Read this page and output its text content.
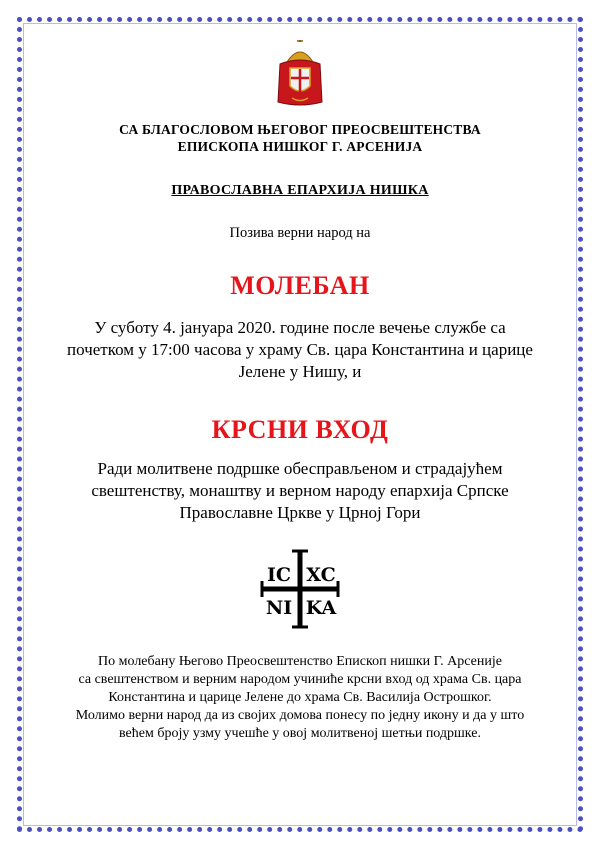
СА БЛАГОСЛОВОМ ЊЕГОВОГ ПРЕОСВЕШТЕНСТВА
ЕПИСКОПА НИШКОГ Г. АРСЕНИЈА
ПРАВОСЛАВНА ЕПАРХИЈА НИШКА
Позива верни народ на
МОЛЕБАН
У суботу 4. јануара 2020. године после вечење службе са
почетком у 17:00 часова у храму Св. цара Константина и царице
Јелене у Нишу, и
КРСНИ ВХОД
Ради молитвене подршке обесправљеном и страдајућем
свештенству, монаштву и верном народу епархија Српске
Православне Цркве у Црној Гори
IC XC
NI KA
По молебану Његово Преосвештенство Епископ нишки Г. Арсеније
са свештенством и верним народом учиниће крсни вход од храма Св. цара
Константина и царице Јелене до храма Св. Василија Острошког.
Молимо верни народ да из својих домова понесу по једну икону и да у што
већем броју узму учешће у овој молитвеној шетњи подршке.
